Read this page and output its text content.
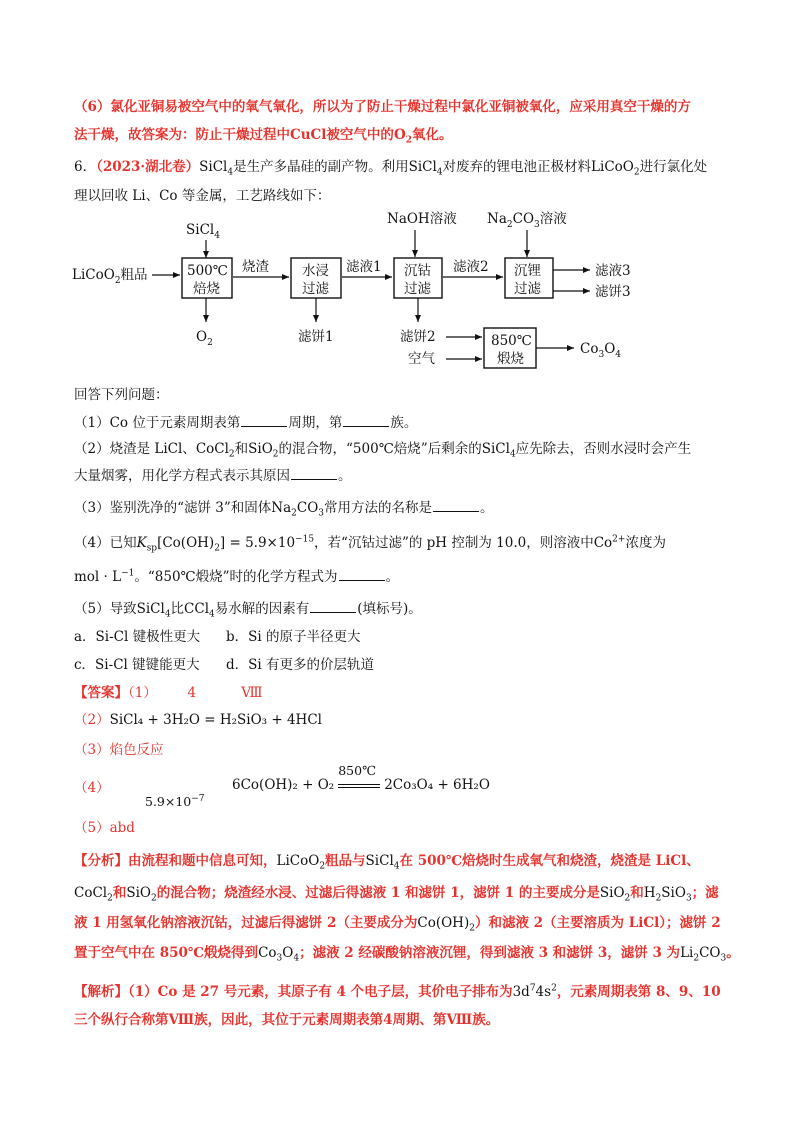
（6）氯化亚铜易被空气中的氧气氧化，所以为了防止干燥过程中氯化亚铜被氧化，应采用真空干燥的方
法干燥，故答案为：防止干燥过程中CuCl被空气中的$O_2$氧化。
6．（2023·湖北卷）SiCl$_4$是生产多晶硅的副产物。利用SiCl$_4$对废弃的锂电池正极材料LiCoO$_2$进行氯化处
理以回收 Li、Co 等金属，工艺路线如下：
LiCoO$_2$粗品
SiCl$_4$
500℃
焙烧
$O_2$
烧渣 水浸
过滤
滤饼1
滤液1
NaOH溶液
沉钴
过滤
滤饼2
空气
850℃
煅烧
$Co_3O_4$
滤液2
$Na_2CO_3$溶液
沉锂
过滤
滤液3
滤饼3
回答下列问题：
（1）Co 位于元素周期表第	周期，第	族。
（2）烧渣是 LiCl、CoCl$_2$和SiO$_2$的混合物，“500℃焙烧”后剩余的SiCl$_4$应先除去，否则水浸时会产生
大量烟雾，用化学方程式表示其原因	。
（3）鉴别洗净的“滤饼 3”和固体$Na_2CO_3$常用方法的名称是	。
（4）已知$K_{sp}[Co(OH)_2] = 5.9\times 10^{-15}$，若“沉钴过滤”的 pH 控制为 10.0，则溶液中$Co^{2+}$浓度为
mol · $L^{-1}$。“850℃煅烧”时的化学方程式为	。
（5）导致SiCl$_4$比CCl$_4$易水解的因素有	(填标号)。
a．Si-Cl 键极性更大 b．Si 的原子半径更大
c．Si-Cl 键键能更大 d．Si 有更多的价层轨道
【答案】（1） 4	Ⅷ
（2）SiCl₄ + 3H₂O = H₂SiO₃ + 4HCl
（3）焰色反应
（4）
$5.9\times 10^{-7}$
6Co(OH)₂ + O₂
850℃
2Co₃O₄ + 6H₂O
（5）abd
【分析】由流程和题中信息可知，LiCoO$_2$粗品与SiCl$_4$在 500℃焙烧时生成氧气和烧渣，烧渣是 LiCl、
CoCl$_2$和SiO$_2$的混合物；烧渣经水浸、过滤后得滤液 1 和滤饼 1，滤饼 1 的主要成分是SiO$_2$和$H_2SiO_3$；滤
液 1 用氢氧化钠溶液沉钴，过滤后得滤饼 2（主要成分为$Co(OH)_2$）和滤液 2（主要溶质为 LiCl）；滤饼 2
置于空气中在 850℃煅烧得到$Co_3O_4$；滤液 2 经碳酸钠溶液沉锂，得到滤液 3 和滤饼 3，滤饼 3 为$Li_2CO_3$。
【解析】（1）Co 是 27 号元素，其原子有 4 个电子层，其价电子排布为$3d^74s^2$，元素周期表第 8、9、10
三个纵行合称第Ⅷ族，因此，其位于元素周期表第4周期、第Ⅷ族。
